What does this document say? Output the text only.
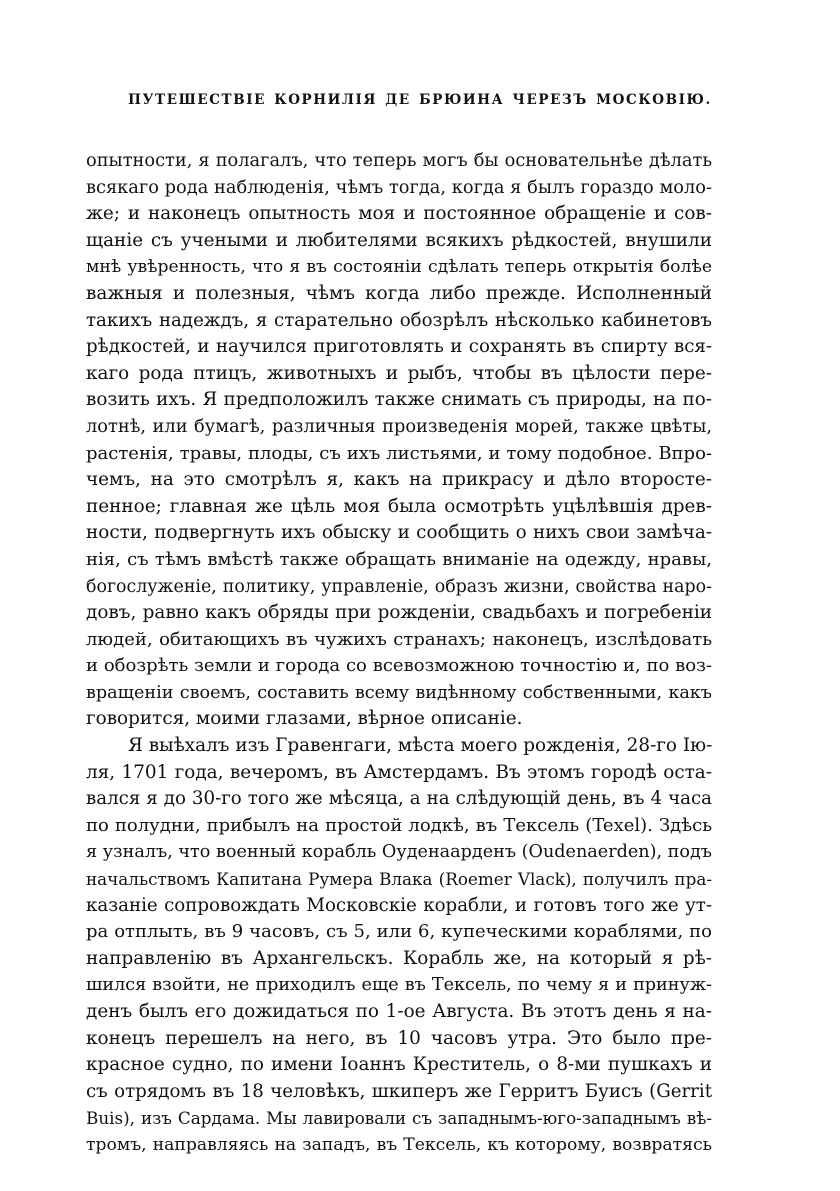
ПУТЕШЕСТВІЕ КОРНИЛІЯ ДЕ БРЮИНА ЧЕРЕЗЪ МОСКОВІЮ.
опытности, я полагалъ, что теперь могъ бы основательнѣе дѣлать
всякаго рода наблюденія, чѣмъ тогда, когда я былъ гораздо моло-
же; и наконецъ опытность моя и постоянное обращеніе и сов-
щаніе съ учеными и любителями всякихъ рѣдкостей, внушили
мнѣ увѣренность, что я въ состояніи сдѣлать теперь открытія болѣе
важныя и полезныя, чѣмъ когда либо прежде. Исполненный
такихъ надеждъ, я старательно обозрѣлъ нѣсколько кабинетовъ
рѣдкостей, и научился приготовлять и сохранять въ спирту вся-
каго рода птицъ, животныхъ и рыбъ, чтобы въ цѣлости пере-
возить ихъ. Я предположилъ также снимать съ природы, на по-
лотнѣ, или бумагѣ, различныя произведенія морей, также цвѣты,
растенія, травы, плоды, съ ихъ листьями, и тому подобное. Впро-
чемъ, на это смотрѣлъ я, какъ на прикрасу и дѣло второсте-
пенное; главная же цѣль моя была осмотрѣть уцѣлѣвшія древ-
ности, подвергнуть ихъ обыску и сообщить о нихъ свои замѣча-
нія, съ тѣмъ вмѣстѣ также обращать вниманіе на одежду, нравы,
богослуженіе, политику, управленіе, образъ жизни, свойства наро-
довъ, равно какъ обряды при рожденіи, свадьбахъ и погребеніи
людей, обитающихъ въ чужихъ странахъ; наконецъ, изслѣдовать
и обозрѣть земли и города со всевозможною точностію и, по воз-
вращеніи своемъ, составить всему видѣнному собственными, какъ
говорится, моими глазами, вѣрное описаніе.
Я выѣхалъ изъ Гравенгаги, мѣста моего рожденія, 28-го Ію-
ля, 1701 года, вечеромъ, въ Амстердамъ. Въ этомъ городѣ оста-
вался я до 30-го того же мѣсяца, а на слѣдующій день, въ 4 часа
по полудни, прибылъ на простой лодкѣ, въ Тексель (Texel). Здѣсь
я узналъ, что военный корабль Оуденаарденъ (Oudenaerden), подъ
начальствомъ Капитана Румера Влака (Roemer Vlack), получилъ пра-
казаніе сопровождать Московскіе корабли, и готовъ того же ут-
ра отплыть, въ 9 часовъ, съ 5, или 6, купеческими кораблями, по
направленію въ Архангельскъ. Корабль же, на который я рѣ-
шился взойти, не приходилъ еще въ Тексель, по чему я и принуж-
денъ былъ его дожидаться по 1-ое Августа. Въ этотъ день я на-
конецъ перешелъ на него, въ 10 часовъ утра. Это было пре-
красное судно, по имени Іоаннъ Креститель, о 8-ми пушкахъ и
съ отрядомъ въ 18 человѣкъ, шкиперъ же Герритъ Буисъ (Gerrit
Buis), изъ Сардама. Мы лавировали съ западнымъ-юго-западнымъ вѣ-
тромъ, направляясь на западъ, въ Тексель, къ которому, возвратясь
